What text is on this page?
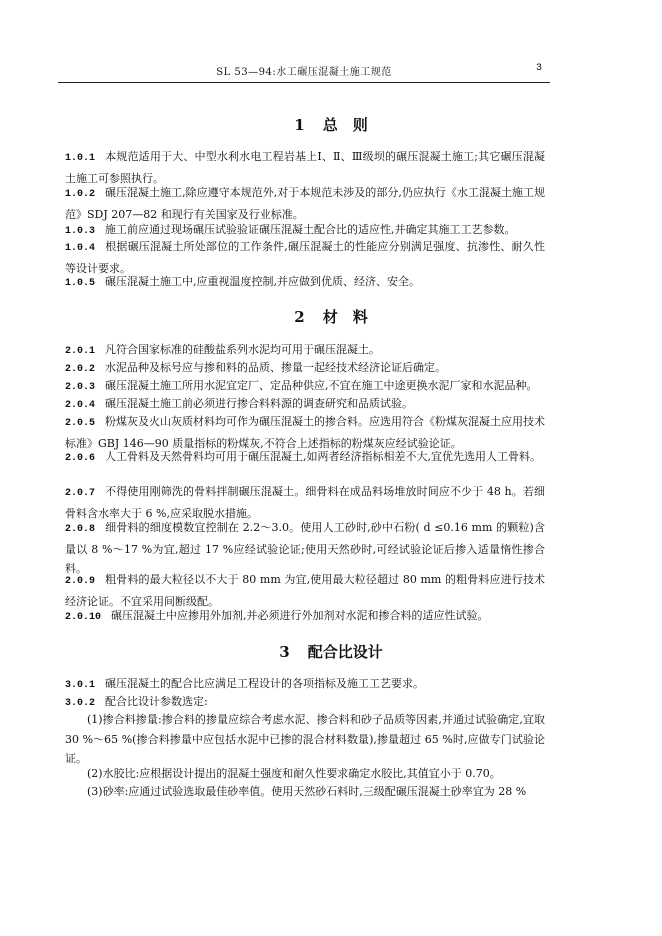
SL 53—94:水工碾压混凝土施工规范	3
1 总　则
1.0.1 本规范适用于大、中型水利水电工程岩基上Ⅰ、Ⅱ、Ⅲ级坝的碾压混凝土施工;其它碾压混凝土施工可参照执行。
1.0.2 碾压混凝土施工,除应遵守本规范外,对于本规范未涉及的部分,仍应执行《水工混凝土施工规范》SDJ 207—82 和现行有关国家及行业标准。
1.0.3 施工前应通过现场碾压试验验证碾压混凝土配合比的适应性,并确定其施工工艺参数。
1.0.4 根据碾压混凝土所处部位的工作条件,碾压混凝土的性能应分别满足强度、抗渗性、耐久性等设计要求。
1.0.5 碾压混凝土施工中,应重视温度控制,并应做到优质、经济、安全。
2 材　料
2.0.1 凡符合国家标准的硅酸盐系列水泥均可用于碾压混凝土。
2.0.2 水泥品种及标号应与掺和料的品质、掺量一起经技术经济论证后确定。
2.0.3 碾压混凝土施工所用水泥宜定厂、定品种供应,不宜在施工中途更换水泥厂家和水泥品种。
2.0.4 碾压混凝土施工前必须进行掺合料料源的调查研究和品质试验。
2.0.5 粉煤灰及火山灰质材料均可作为碾压混凝土的掺合料。应选用符合《粉煤灰混凝土应用技术标准》GBJ 146—90 质量指标的粉煤灰,不符合上述指标的粉煤灰应经试验论证。
2.0.6 人工骨料及天然骨料均可用于碾压混凝土,如两者经济指标相差不大,宜优先选用人工骨料。
2.0.7 不得使用刚筛洗的骨料拌制碾压混凝土。细骨料在成品料场堆放时间应不少于 48 h。若细骨料含水率大于 6 %,应采取脱水措施。
2.0.8 细骨料的细度模数宜控制在 2.2～3.0。使用人工砂时,砂中石粉( d ≤0.16 mm 的颗粒)含量以 8 %～17 %为宜,超过 17 %应经试验论证;使用天然砂时,可经试验论证后掺入适量惰性掺合料。
2.0.9 粗骨料的最大粒径以不大于 80 mm 为宜,使用最大粒径超过 80 mm 的粗骨料应进行技术经济论证。不宜采用间断级配。
2.0.10 碾压混凝土中应掺用外加剂,并必须进行外加剂对水泥和掺合料的适应性试验。
3 配合比设计
3.0.1 碾压混凝土的配合比应满足工程设计的各项指标及施工工艺要求。
3.0.2 配合比设计参数选定:
(1)掺合料掺量:掺合料的掺量应综合考虑水泥、掺合料和砂子品质等因素,并通过试验确定,宜取 30 %～65 %(掺合料掺量中应包括水泥中已掺的混合材料数量),掺量超过 65 %时,应做专门试验论证。
(2)水胶比:应根据设计提出的混凝土强度和耐久性要求确定水胶比,其值宜小于 0.70。
(3)砂率:应通过试验选取最佳砂率值。使用天然砂石料时,三级配碾压混凝土砂率宜为 28 %
